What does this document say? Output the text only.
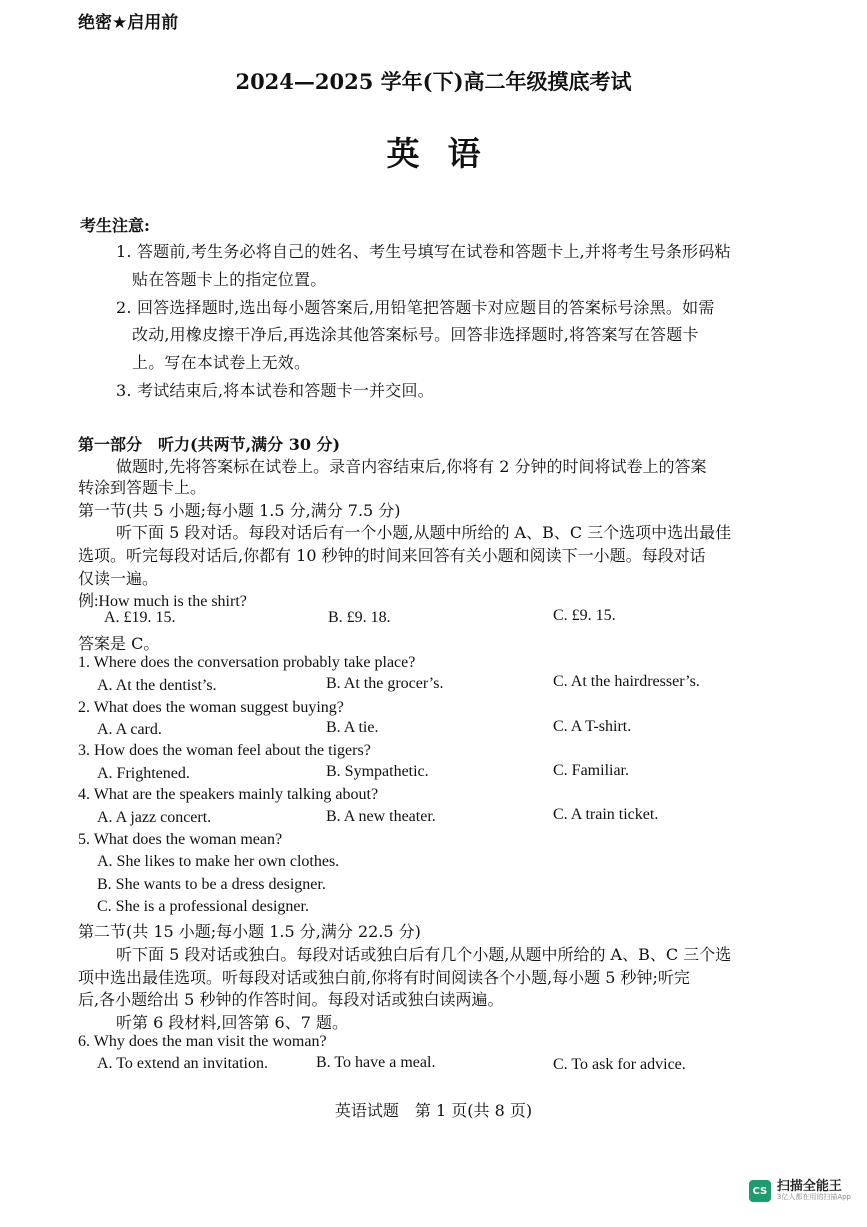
绝密★启用前
2024—2025 学年(下)高二年级摸底考试
英语
考生注意:
1. 答题前,考生务必将自己的姓名、考生号填写在试卷和答题卡上,并将考生号条形码粘
贴在答题卡上的指定位置。
2. 回答选择题时,选出每小题答案后,用铅笔把答题卡对应题目的答案标号涂黑。如需
改动,用橡皮擦干净后,再选涂其他答案标号。回答非选择题时,将答案写在答题卡
上。写在本试卷上无效。
3. 考试结束后,将本试卷和答题卡一并交回。
第一部分　听力(共两节,满分 30 分)
做题时,先将答案标在试卷上。录音内容结束后,你将有 2 分钟的时间将试卷上的答案
转涂到答题卡上。
第一节(共 5 小题;每小题 1.5 分,满分 7.5 分)
听下面 5 段对话。每段对话后有一个小题,从题中所给的 A、B、C 三个选项中选出最佳
选项。听完每段对话后,你都有 10 秒钟的时间来回答有关小题和阅读下一小题。每段对话
仅读一遍。
例:How much is the shirt?
A. £19. 15.	B. £9. 18.	C. £9. 15.
答案是 C。
1. Where does the conversation probably take place?
A. At the dentist’s.	B. At the grocer’s.	C. At the hairdresser’s.
2. What does the woman suggest buying?
A. A card.	B. A tie.	C. A T-shirt.
3. How does the woman feel about the tigers?
A. Frightened.	B. Sympathetic.	C. Familiar.
4. What are the speakers mainly talking about?
A. A jazz concert.	B. A new theater.	C. A train ticket.
5. What does the woman mean?
A. She likes to make her own clothes.
B. She wants to be a dress designer.
C. She is a professional designer.
第二节(共 15 小题;每小题 1.5 分,满分 22.5 分)
听下面 5 段对话或独白。每段对话或独白后有几个小题,从题中所给的 A、B、C 三个选
项中选出最佳选项。听每段对话或独白前,你将有时间阅读各个小题,每小题 5 秒钟;听完
后,各小题给出 5 秒钟的作答时间。每段对话或独白读两遍。
听第 6 段材料,回答第 6、7 题。
6. Why does the man visit the woman?
A. To extend an invitation.	B. To have a meal.	C. To ask for advice.
英语试题　第 1 页(共 8 页)
CS 扫描全能王
3亿人都在用的扫描App
